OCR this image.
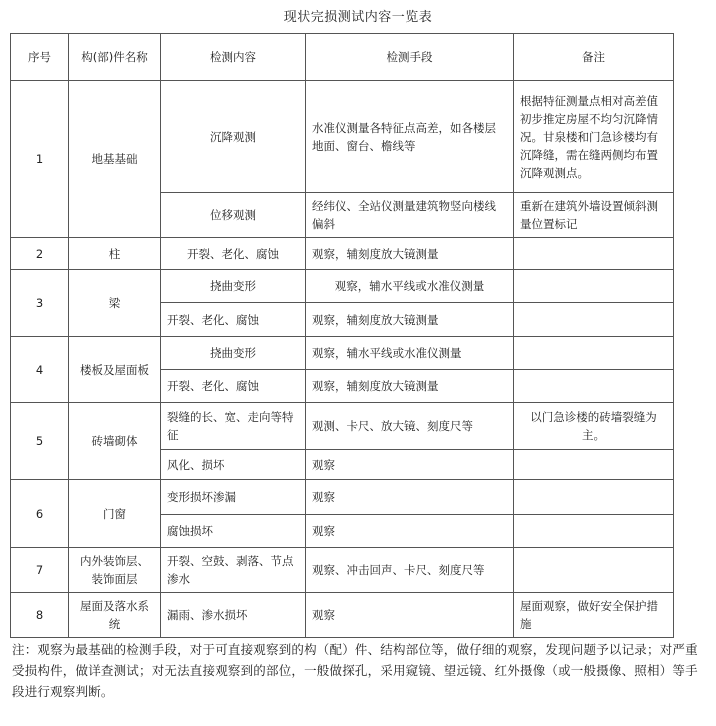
现状完损测试内容一览表
序号	构(部)件名称	检测内容	检测手段	备注
1	地基基础	沉降观测	水准仪测量各特征点高差，如各楼层地面、窗台、檐线等	根据特征测量点相对高差值初步推定房屋不均匀沉降情况。甘泉楼和门急诊楼均有沉降缝，需在缝两侧均布置沉降观测点。
		位移观测	经纬仪、全站仪测量建筑物竖向楼线偏斜	重新在建筑外墙设置倾斜测量位置标记
2	柱	开裂、老化、腐蚀	观察，辅刻度放大镜测量	
3	梁	挠曲变形	观察，辅水平线或水准仪测量	
		开裂、老化、腐蚀	观察，辅刻度放大镜测量	
4	楼板及屋面板	挠曲变形	观察，辅水平线或水准仪测量	
		开裂、老化、腐蚀	观察，辅刻度放大镜测量	
5	砖墙砌体	裂缝的长、宽、走向等特征	观测、卡尺、放大镜、刻度尺等	以门急诊楼的砖墙裂缝为主。
		风化、损坏	观察	
6	门窗	变形损坏渗漏	观察	
		腐蚀损坏	观察	
7	内外装饰层、装饰面层	开裂、空鼓、剥落、节点渗水	观察、冲击回声、卡尺、刻度尺等	
8	屋面及落水系统	漏雨、渗水损坏	观察	屋面观察，做好安全保护措施
注：观察为最基础的检测手段，对于可直接观察到的构（配）件、结构部位等，做仔细的观察，发现问题予以记录；对严重受损构件，做详查测试；对无法直接观察到的部位，一般做探孔，采用窥镜、望远镜、红外摄像（或一般摄像、照相）等手段进行观察判断。
